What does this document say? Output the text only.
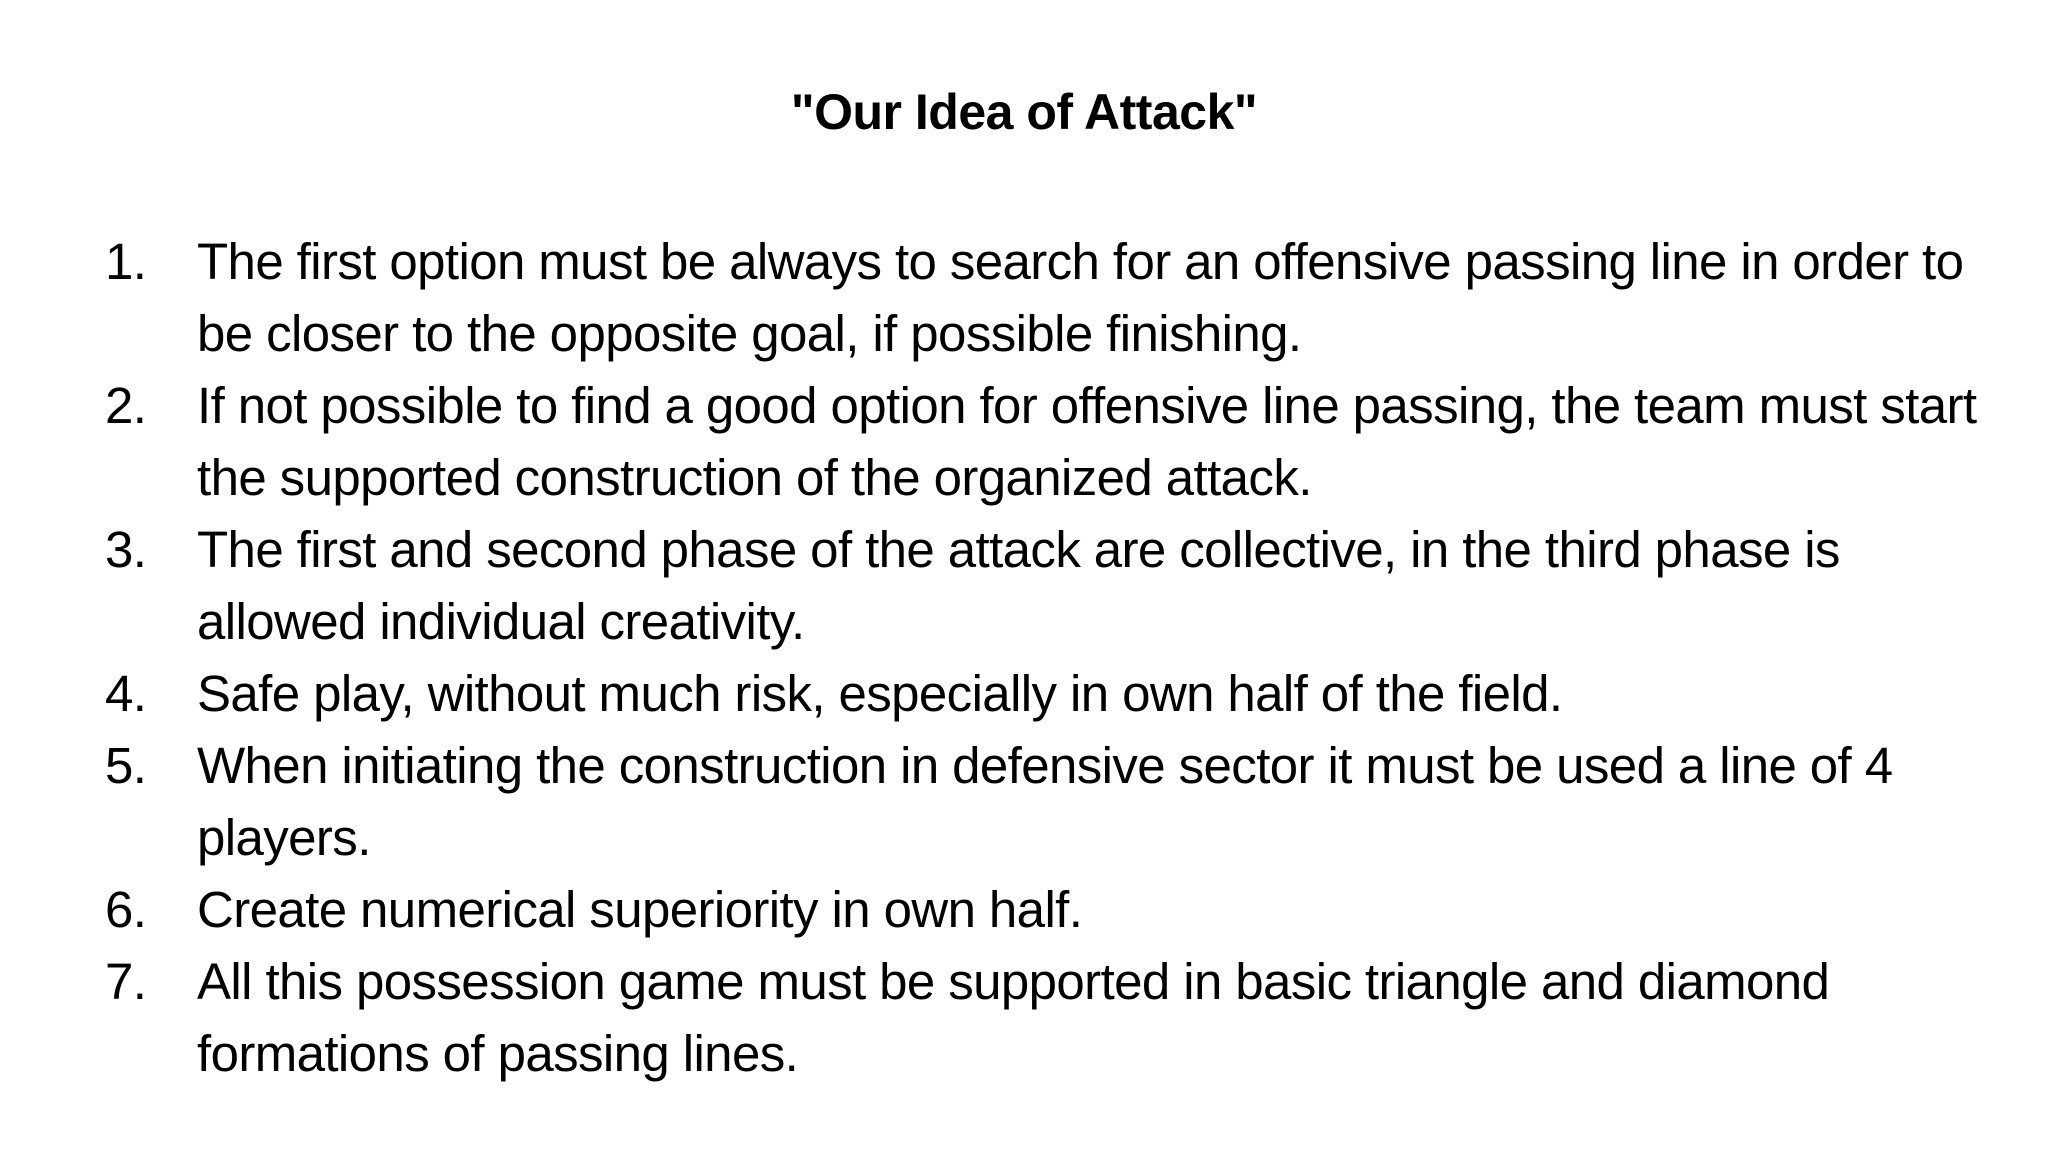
"Our Idea of Attack"
1. The first option must be always to search for an offensive passing line in order to be closer to the opposite goal, if possible finishing.
2. If not possible to find a good option for offensive line passing, the team must start the supported construction of the organized attack.
3. The first and second phase of the attack are collective, in the third phase is allowed individual creativity.
4. Safe play, without much risk, especially in own half of the field.
5. When initiating the construction in defensive sector it must be used a line of 4 players.
6. Create numerical superiority in own half.
7. All this possession game must be supported in basic triangle and diamond formations of passing lines.
